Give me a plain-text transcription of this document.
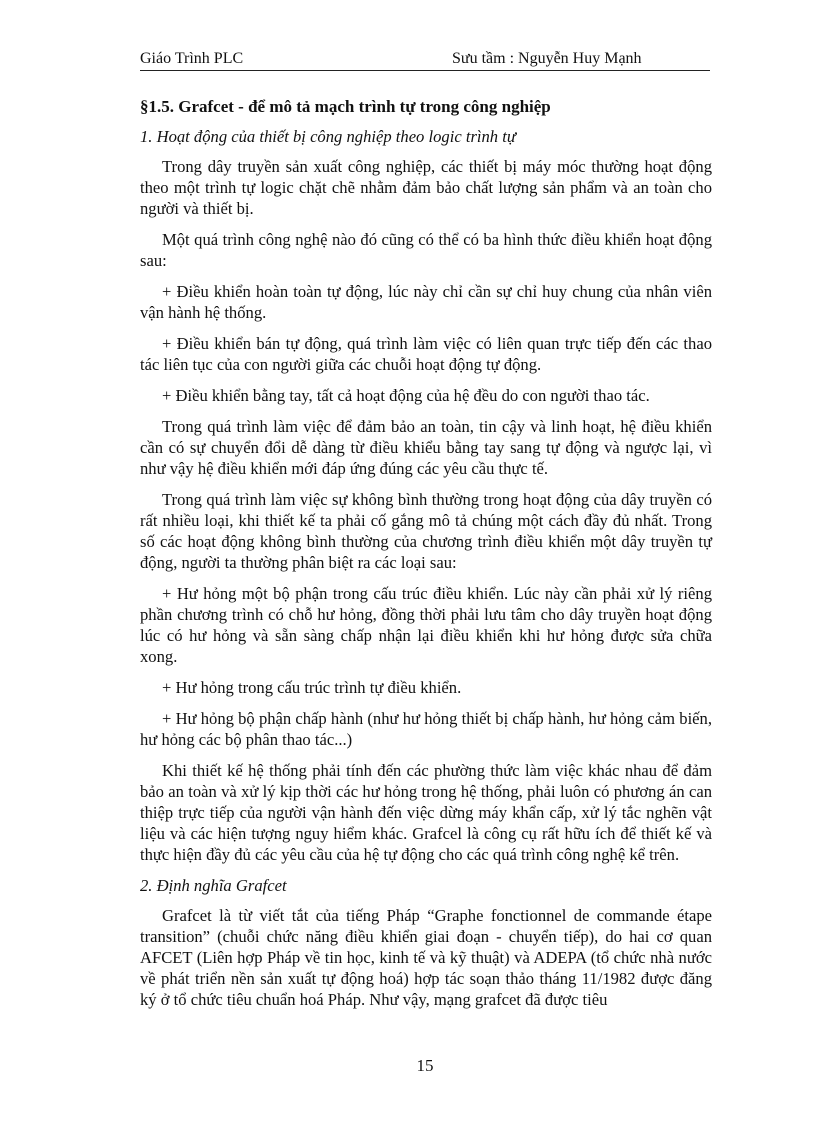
Giáo Trình PLC	Sưu tầm : Nguyễn Huy Mạnh
§1.5. Grafcet - để mô tả mạch trình tự trong công nghiệp
1. Hoạt động của thiết bị công nghiệp theo logic trình tự

Trong dây truyền sản xuất công nghiệp, các thiết bị máy móc thường hoạt động theo một trình tự logic chặt chẽ nhằm đảm bảo chất lượng sản phẩm và an toàn cho người và thiết bị.

Một quá trình công nghệ nào đó cũng có thể có ba hình thức điều khiển hoạt động sau:

+ Điều khiển hoàn toàn tự động, lúc này chỉ cần sự chỉ huy chung của nhân viên vận hành hệ thống.

+ Điều khiển bán tự động, quá trình làm việc có liên quan trực tiếp đến các thao tác liên tục của con người giữa các chuỗi hoạt động tự động.

+ Điều khiển bằng tay, tất cả hoạt động của hệ đều do con người thao tác.

Trong quá trình làm việc để đảm bảo an toàn, tin cậy và linh hoạt, hệ điều khiển cần có sự chuyển đổi dễ dàng từ điều khiểu bằng tay sang tự động và ngược lại, vì như vậy hệ điều khiển mới đáp ứng đúng các yêu cầu thực tế.

Trong quá trình làm việc sự không bình thường trong hoạt động của dây truyền có rất nhiều loại, khi thiết kế ta phải cố gắng mô tả chúng một cách đầy đủ nhất. Trong số các hoạt động không bình thường của chương trình điều khiển một dây truyền tự động, người ta thường phân biệt ra các loại sau:

+ Hư hỏng một bộ phận trong cấu trúc điều khiển. Lúc này cần phải xử lý riêng phần chương trình có chỗ hư hỏng, đồng thời phải lưu tâm cho dây truyền hoạt động lúc có hư hỏng và sẵn sàng chấp nhận lại điều khiển khi hư hỏng được sửa chữa xong.

+ Hư hỏng trong cấu trúc trình tự điều khiển.

+ Hư hỏng bộ phận chấp hành (như hư hỏng thiết bị chấp hành, hư hỏng cảm biến, hư hỏng các bộ phân thao tác...)

Khi thiết kế hệ thống phải tính đến các phường thức làm việc khác nhau để đảm bảo an toàn và xử lý kịp thời các hư hỏng trong hệ thống, phải luôn có phương án can thiệp trực tiếp của người vận hành đến việc dừng máy khẩn cấp, xử lý tắc nghẽn vật liệu và các hiện tượng nguy hiểm khác. Grafcel là công cụ rất hữu ích để thiết kế và thực hiện đầy đủ các yêu cầu của hệ tự động cho các quá trình công nghệ kể trên.

2. Định nghĩa Grafcet

Grafcet là từ viết tắt của tiếng Pháp “Graphe fonctionnel de commande étape transition” (chuỗi chức năng điều khiển giai đoạn - chuyển tiếp), do hai cơ quan AFCET (Liên hợp Pháp về tin học, kinh tế và kỹ thuật) và ADEPA (tổ chức nhà nước về phát triển nền sản xuất tự động hoá) hợp tác soạn thảo tháng 11/1982 được đăng ký ở tổ chức tiêu chuẩn hoá Pháp. Như vậy, mạng grafcet đã được tiêu

15
